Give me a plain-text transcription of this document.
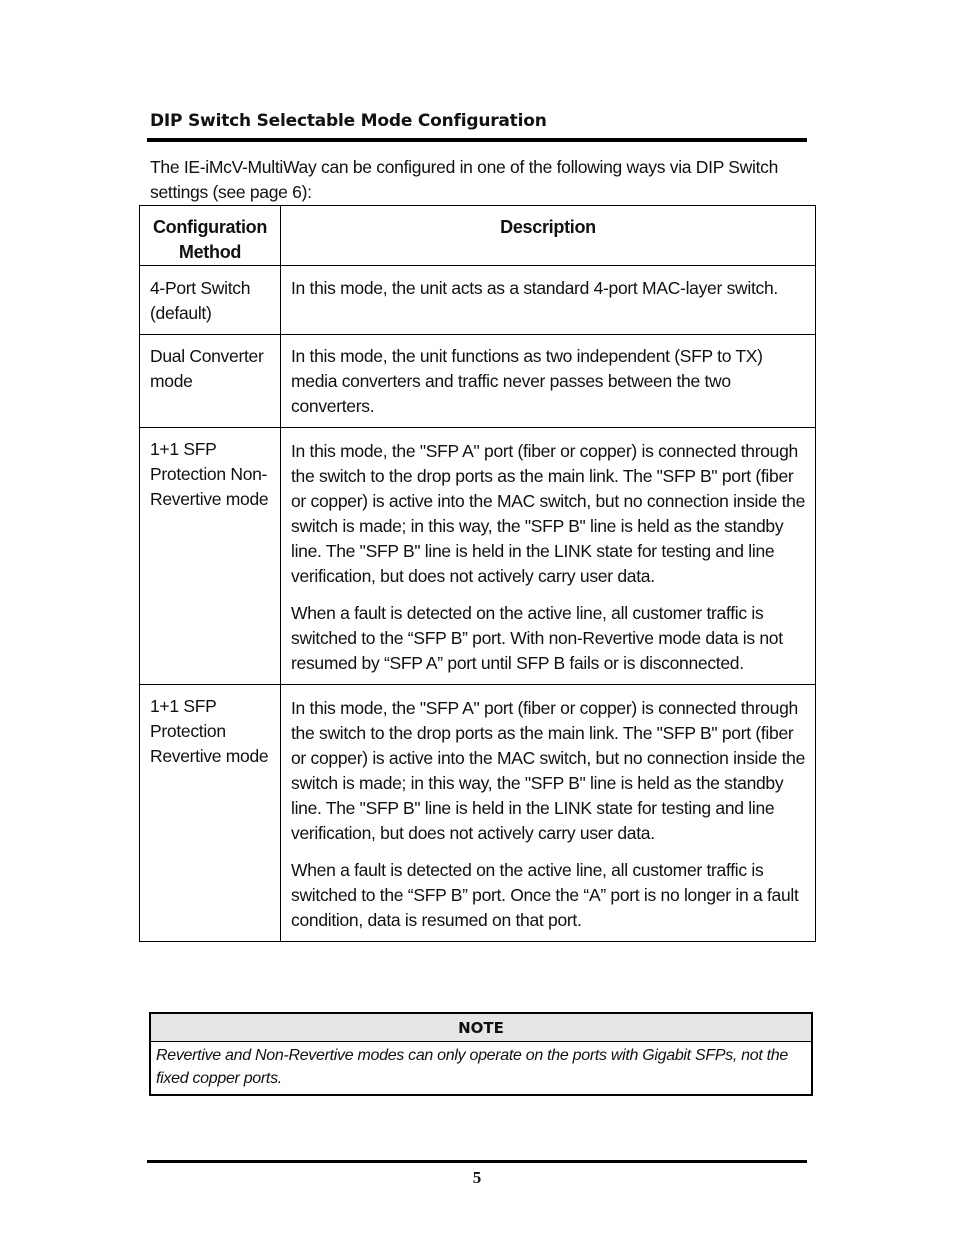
DIP Switch Selectable Mode Configuration
The IE-iMcV-MultiWay can be configured in one of the following ways via DIP Switch settings (see page 6):
Configuration Method	Description
4-Port Switch (default)	In this mode, the unit acts as a standard 4-port MAC-layer switch.

Dual Converter mode	In this mode, the unit functions as two independent (SFP to TX) media converters and traffic never passes between the two converters.

1+1 SFP Protection Non-Revertive mode	In this mode, the "SFP A" port (fiber or copper) is connected through the switch to the drop ports as the main link. The "SFP B" port (fiber or copper) is active into the MAC switch, but no connection inside the switch is made; in this way, the "SFP B" line is held as the standby line. The "SFP B" line is held in the LINK state for testing and line verification, but does not actively carry user data.

When a fault is detected on the active line, all customer traffic is switched to the “SFP B” port. With non-Revertive mode data is not resumed by “SFP A” port until SFP B fails or is disconnected.

1+1 SFP Protection Revertive mode	In this mode, the "SFP A" port (fiber or copper) is connected through the switch to the drop ports as the main link. The "SFP B" port (fiber or copper) is active into the MAC switch, but no connection inside the switch is made; in this way, the "SFP B" line is held as the standby line. The "SFP B" line is held in the LINK state for testing and line verification, but does not actively carry user data.

When a fault is detected on the active line, all customer traffic is switched to the “SFP B” port. Once the “A” port is no longer in a fault condition, data is resumed on that port.

NOTE
Revertive and Non-Revertive modes can only operate on the ports with Gigabit SFPs, not the fixed copper ports.
5
